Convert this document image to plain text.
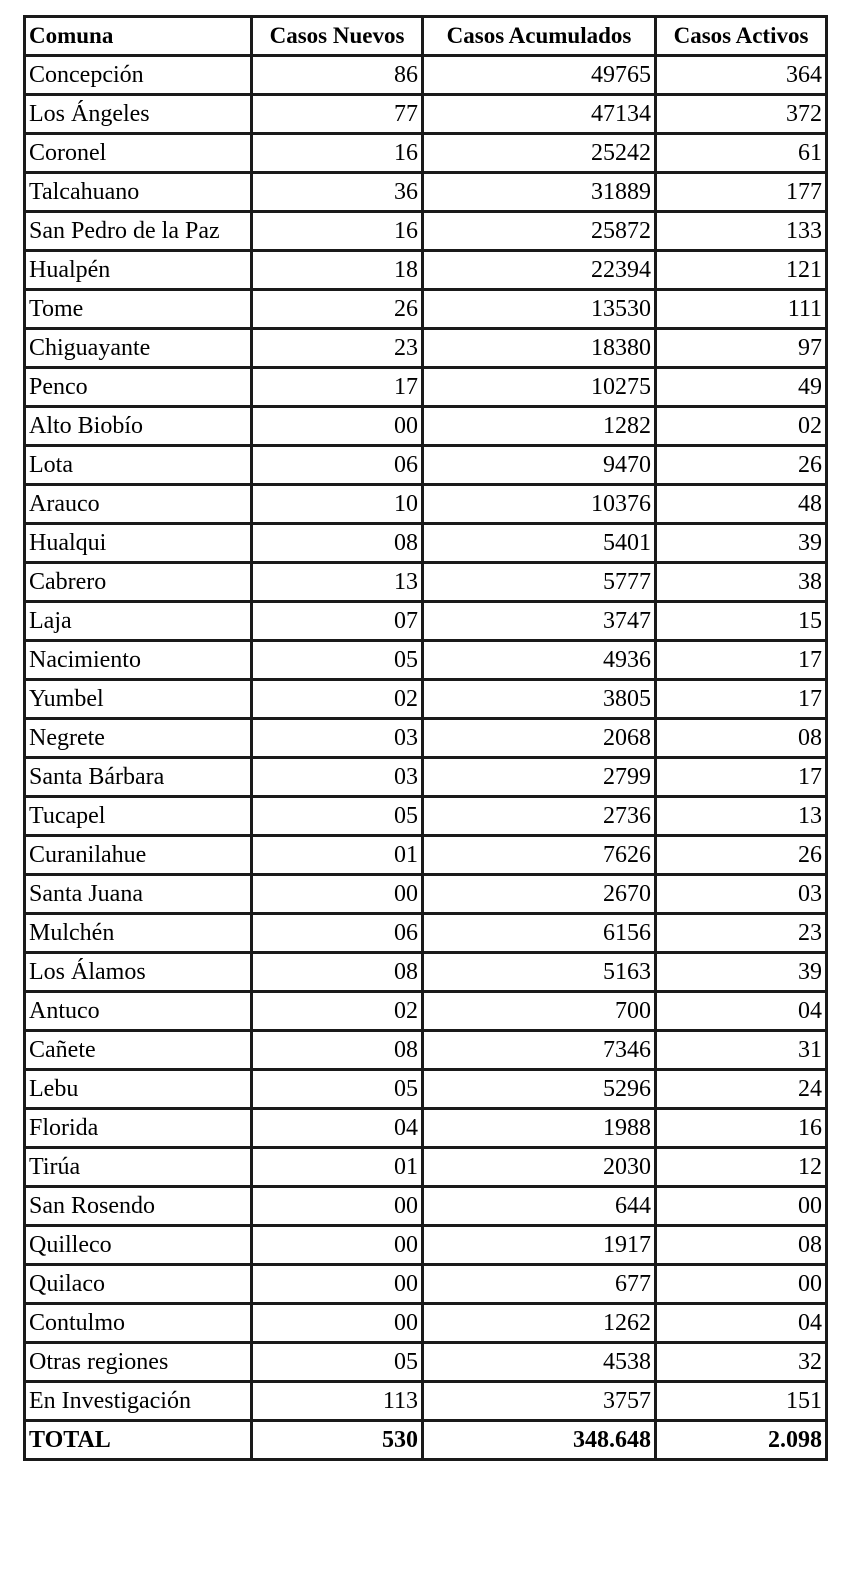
Comuna	Casos Nuevos	Casos Acumulados	Casos Activos
Concepción	86	49765	364
Los Ángeles	77	47134	372
Coronel	16	25242	61
Talcahuano	36	31889	177
San Pedro de la Paz	16	25872	133
Hualpén	18	22394	121
Tome	26	13530	111
Chiguayante	23	18380	97
Penco	17	10275	49
Alto Biobío	00	1282	02
Lota	06	9470	26
Arauco	10	10376	48
Hualqui	08	5401	39
Cabrero	13	5777	38
Laja	07	3747	15
Nacimiento	05	4936	17
Yumbel	02	3805	17
Negrete	03	2068	08
Santa Bárbara	03	2799	17
Tucapel	05	2736	13
Curanilahue	01	7626	26
Santa Juana	00	2670	03
Mulchén	06	6156	23
Los Álamos	08	5163	39
Antuco	02	700	04
Cañete	08	7346	31
Lebu	05	5296	24
Florida	04	1988	16
Tirúa	01	2030	12
San Rosendo	00	644	00
Quilleco	00	1917	08
Quilaco	00	677	00
Contulmo	00	1262	04
Otras regiones	05	4538	32
En Investigación	113	3757	151
TOTAL	530	348.648	2.098
